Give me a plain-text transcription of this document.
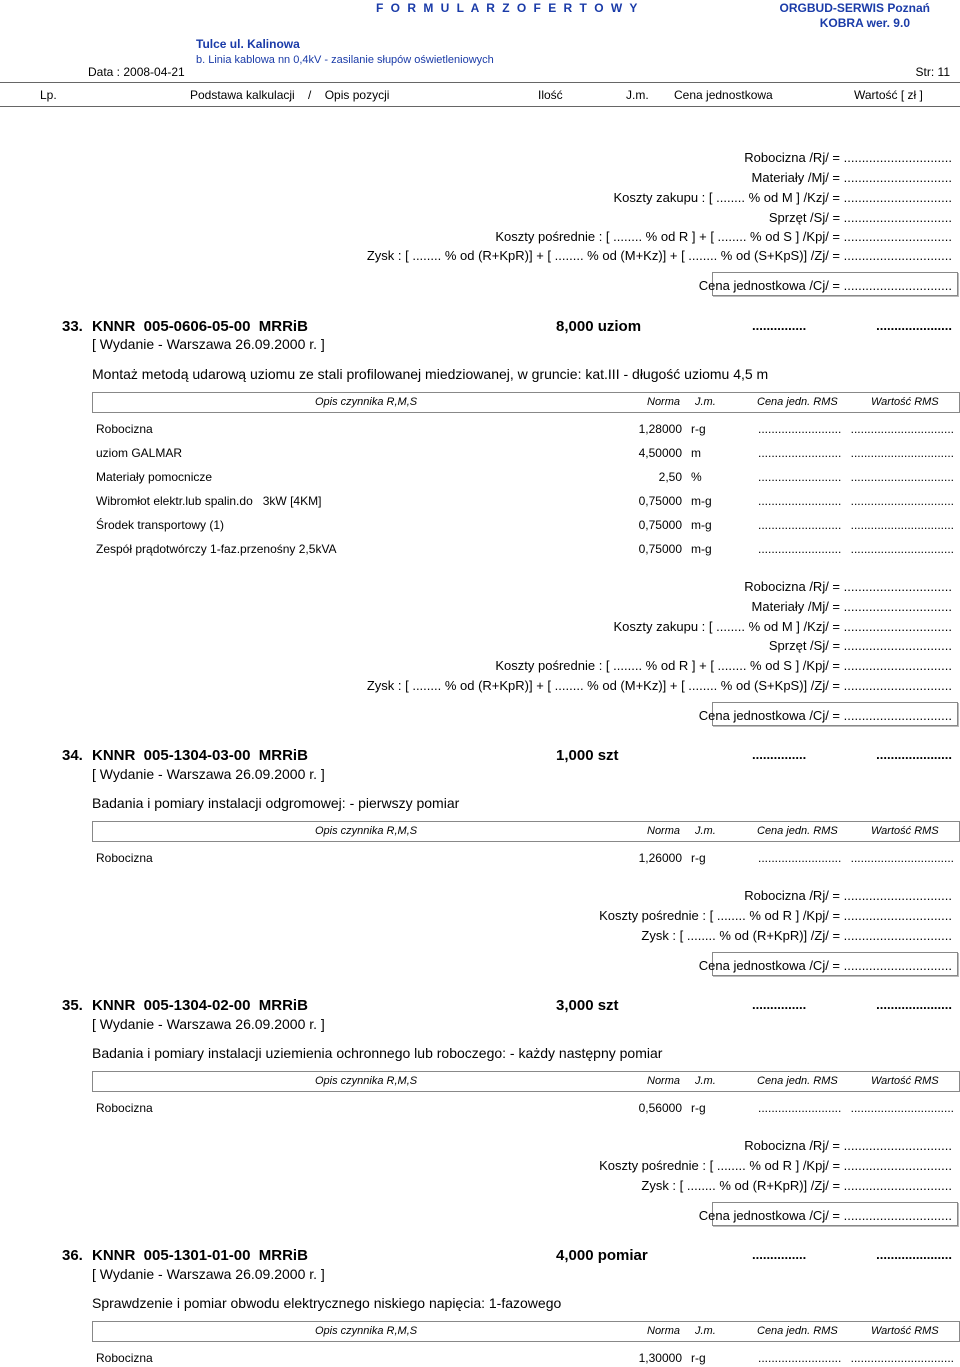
F O R M U L A R Z O F E R T O W Y	ORGBUD-SERWIS Poznań
KOBRA wer. 9.0
Tulce ul. Kalinowa
b. Linia kablowa nn 0,4kV - zasilanie słupów oświetleniowych
Data : 2008-04-21	Str: 11
Lp.	Podstawa kalkulacji    /    Opis pozycji	Ilość	J.m. Cena jednostkowa	Wartość [ zł ]
Robocizna /Rj/ = ..............................
Materiały /Mj/ = ..............................
Koszty zakupu : [ ........ % od M ] /Kzj/ = ..............................
Sprzęt /Sj/ = ..............................
Koszty pośrednie : [ ........ % od R ] + [ ........ % od S ] /Kpj/ = ..............................
Zysk : [ ........ % od (R+KpR)] + [ ........ % od (M+Kz)] + [ ........ % od (S+KpS)] /Zj/ = ..............................
Cena jednostkowa /Cj/ = ..............................
33. KNNR  005-0606-05-00  MRRiB	8,000 uziom	...............	.....................
[ Wydanie - Warszawa 26.09.2000 r. ]
Montaż metodą udarową uziomu ze stali profilowanej miedziowanej, w gruncie: kat.III - długość uziomu 4,5 m
Opis czynnika R,M,S	Norma J.m.	Cena jedn. RMS	Wartość RMS
Robocizna	1,28000 r-g	......................... ...............................
uziom GALMAR	4,50000 m	......................... ...............................
Materiały pomocnicze	2,50 %	......................... ...............................
Wibromłot elektr.lub spalin.do   3kW [4KM]	0,75000 m-g	......................... ...............................
Środek transportowy (1)	0,75000 m-g	......................... ...............................
Zespół prądotwórczy 1-faz.przenośny 2,5kVA	0,75000 m-g	......................... ...............................
Robocizna /Rj/ = ..............................
Materiały /Mj/ = ..............................
Koszty zakupu : [ ........ % od M ] /Kzj/ = ..............................
Sprzęt /Sj/ = ..............................
Koszty pośrednie : [ ........ % od R ] + [ ........ % od S ] /Kpj/ = ..............................
Zysk : [ ........ % od (R+KpR)] + [ ........ % od (M+Kz)] + [ ........ % od (S+KpS)] /Zj/ = ..............................
Cena jednostkowa /Cj/ = ..............................
34. KNNR  005-1304-03-00  MRRiB	1,000 szt	...............	.....................
[ Wydanie - Warszawa 26.09.2000 r. ]
Badania i pomiary instalacji odgromowej: - pierwszy pomiar
Opis czynnika R,M,S	Norma J.m.	Cena jedn. RMS	Wartość RMS
Robocizna	1,26000 r-g	......................... ...............................
Robocizna /Rj/ = ..............................
Koszty pośrednie : [ ........ % od R ] /Kpj/ = ..............................
Zysk : [ ........ % od (R+KpR)] /Zj/ = ..............................
Cena jednostkowa /Cj/ = ..............................
35. KNNR  005-1304-02-00  MRRiB	3,000 szt	...............	.....................
[ Wydanie - Warszawa 26.09.2000 r. ]
Badania i pomiary instalacji uziemienia ochronnego lub roboczego: - każdy następny pomiar
Opis czynnika R,M,S	Norma J.m.	Cena jedn. RMS	Wartość RMS
Robocizna	0,56000 r-g	......................... ...............................
Robocizna /Rj/ = ..............................
Koszty pośrednie : [ ........ % od R ] /Kpj/ = ..............................
Zysk : [ ........ % od (R+KpR)] /Zj/ = ..............................
Cena jednostkowa /Cj/ = ..............................
36. KNNR  005-1301-01-00  MRRiB	4,000 pomiar	...............	.....................
[ Wydanie - Warszawa 26.09.2000 r. ]
Sprawdzenie i pomiar obwodu elektrycznego niskiego napięcia: 1-fazowego
Opis czynnika R,M,S	Norma J.m.	Cena jedn. RMS	Wartość RMS
Robocizna	1,30000 r-g	......................... ...............................
